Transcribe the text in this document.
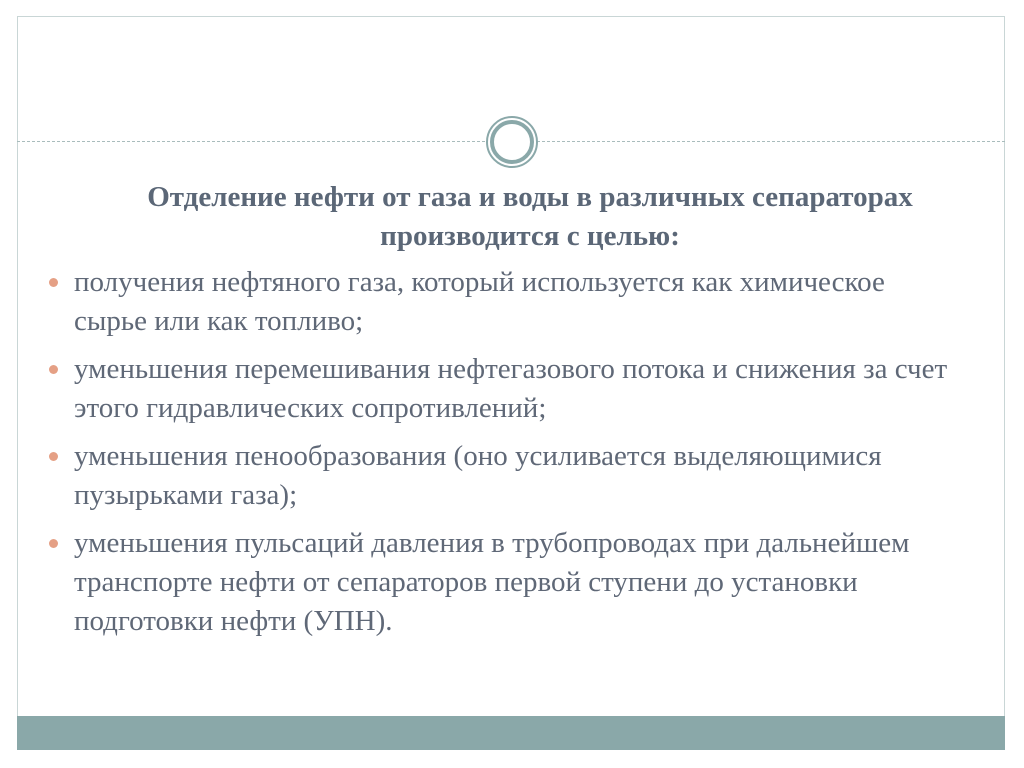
Отделение нефти от газа и воды в различных сепараторах производится с целью:
получения нефтяного газа, который используется как химическое сырье или как топливо;
уменьшения перемешивания нефтегазового потока и снижения за счет этого гидравлических сопротивлений;
уменьшения пенообразования (оно усиливается выделяющимися пузырьками газа);
уменьшения пульсаций давления в трубопроводах при дальнейшем транспорте нефти от сепараторов первой ступени до установки подготовки нефти (УПН).
